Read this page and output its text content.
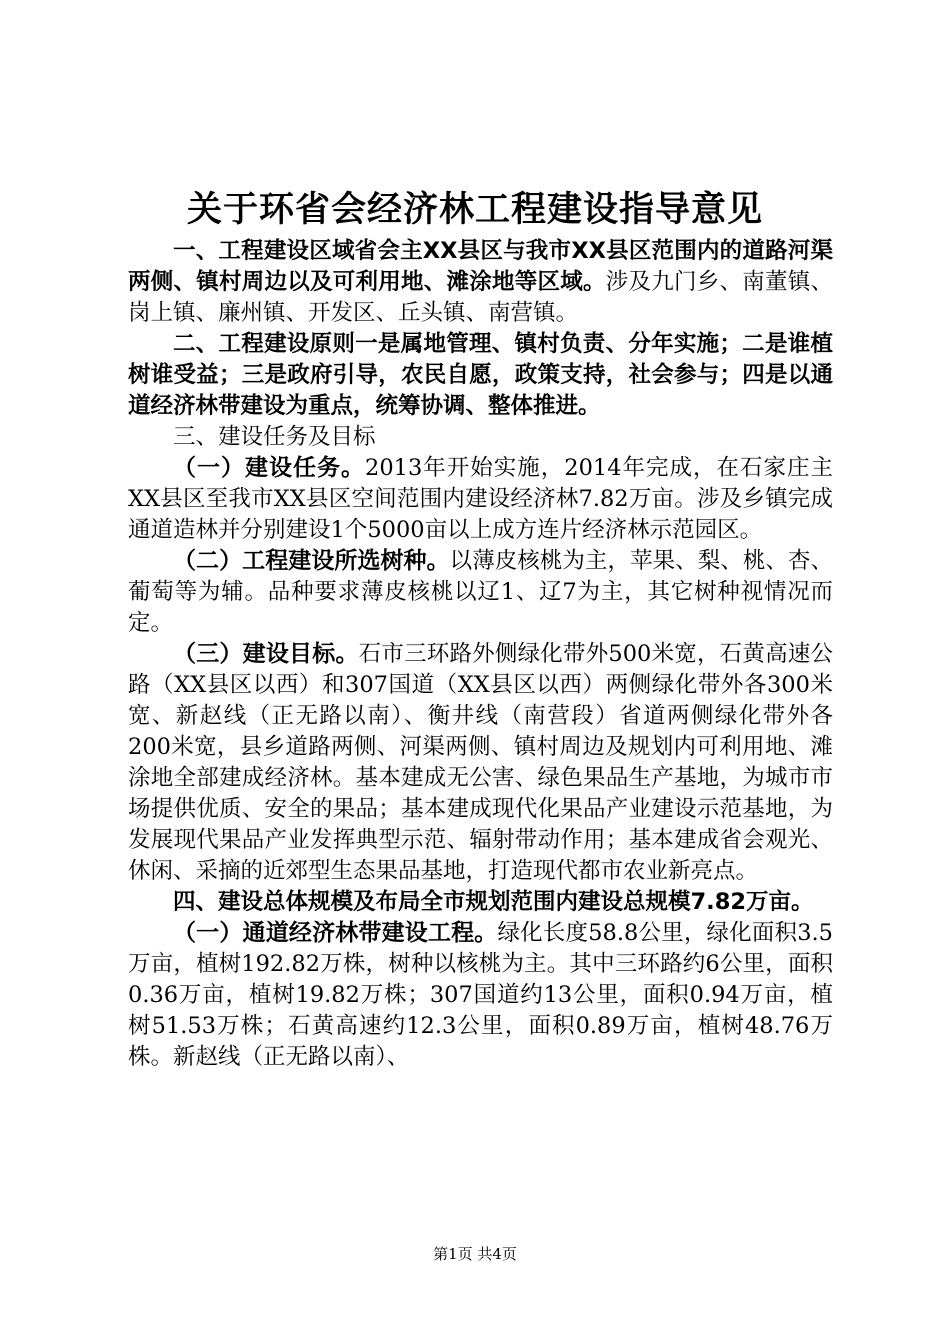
关于环省会经济林工程建设指导意见

一、工程建设区域省会主XX县区与我市XX县区范围内的道路河渠两侧、镇村周边以及可利用地、滩涂地等区域。涉及九门乡、南董镇、岗上镇、廉州镇、开发区、丘头镇、南营镇。

二、工程建设原则一是属地管理、镇村负责、分年实施；二是谁植树谁受益；三是政府引导，农民自愿，政策支持，社会参与；四是以通道经济林带建设为重点，统筹协调、整体推进。

三、建设任务及目标

（一）建设任务。2013年开始实施，2014年完成，在石家庄主XX县区至我市XX县区空间范围内建设经济林7.82万亩。涉及乡镇完成通道造林并分别建设1个5000亩以上成方连片经济林示范园区。

（二）工程建设所选树种。以薄皮核桃为主，苹果、梨、桃、杏、葡萄等为辅。品种要求薄皮核桃以辽1、辽7为主，其它树种视情况而定。

（三）建设目标。石市三环路外侧绿化带外500米宽，石黄高速公路（XX县区以西）和307国道（XX县区以西）两侧绿化带外各300米宽、新赵线（正无路以南）、衡井线（南营段）省道两侧绿化带外各200米宽，县乡道路两侧、河渠两侧、镇村周边及规划内可利用地、滩涂地全部建成经济林。基本建成无公害、绿色果品生产基地，为城市市场提供优质、安全的果品；基本建成现代化果品产业建设示范基地，为发展现代果品产业发挥典型示范、辐射带动作用；基本建成省会观光、休闲、采摘的近郊型生态果品基地，打造现代都市农业新亮点。

四、建设总体规模及布局全市规划范围内建设总规模7.82万亩。

（一）通道经济林带建设工程。绿化长度58.8公里，绿化面积3.5万亩，植树192.82万株，树种以核桃为主。其中三环路约6公里，面积0.36万亩，植树19.82万株；307国道约13公里，面积0.94万亩，植树51.53万株；石黄高速约12.3公里，面积0.89万亩，植树48.76万株。新赵线（正无路以南）、

第1页 共4页
